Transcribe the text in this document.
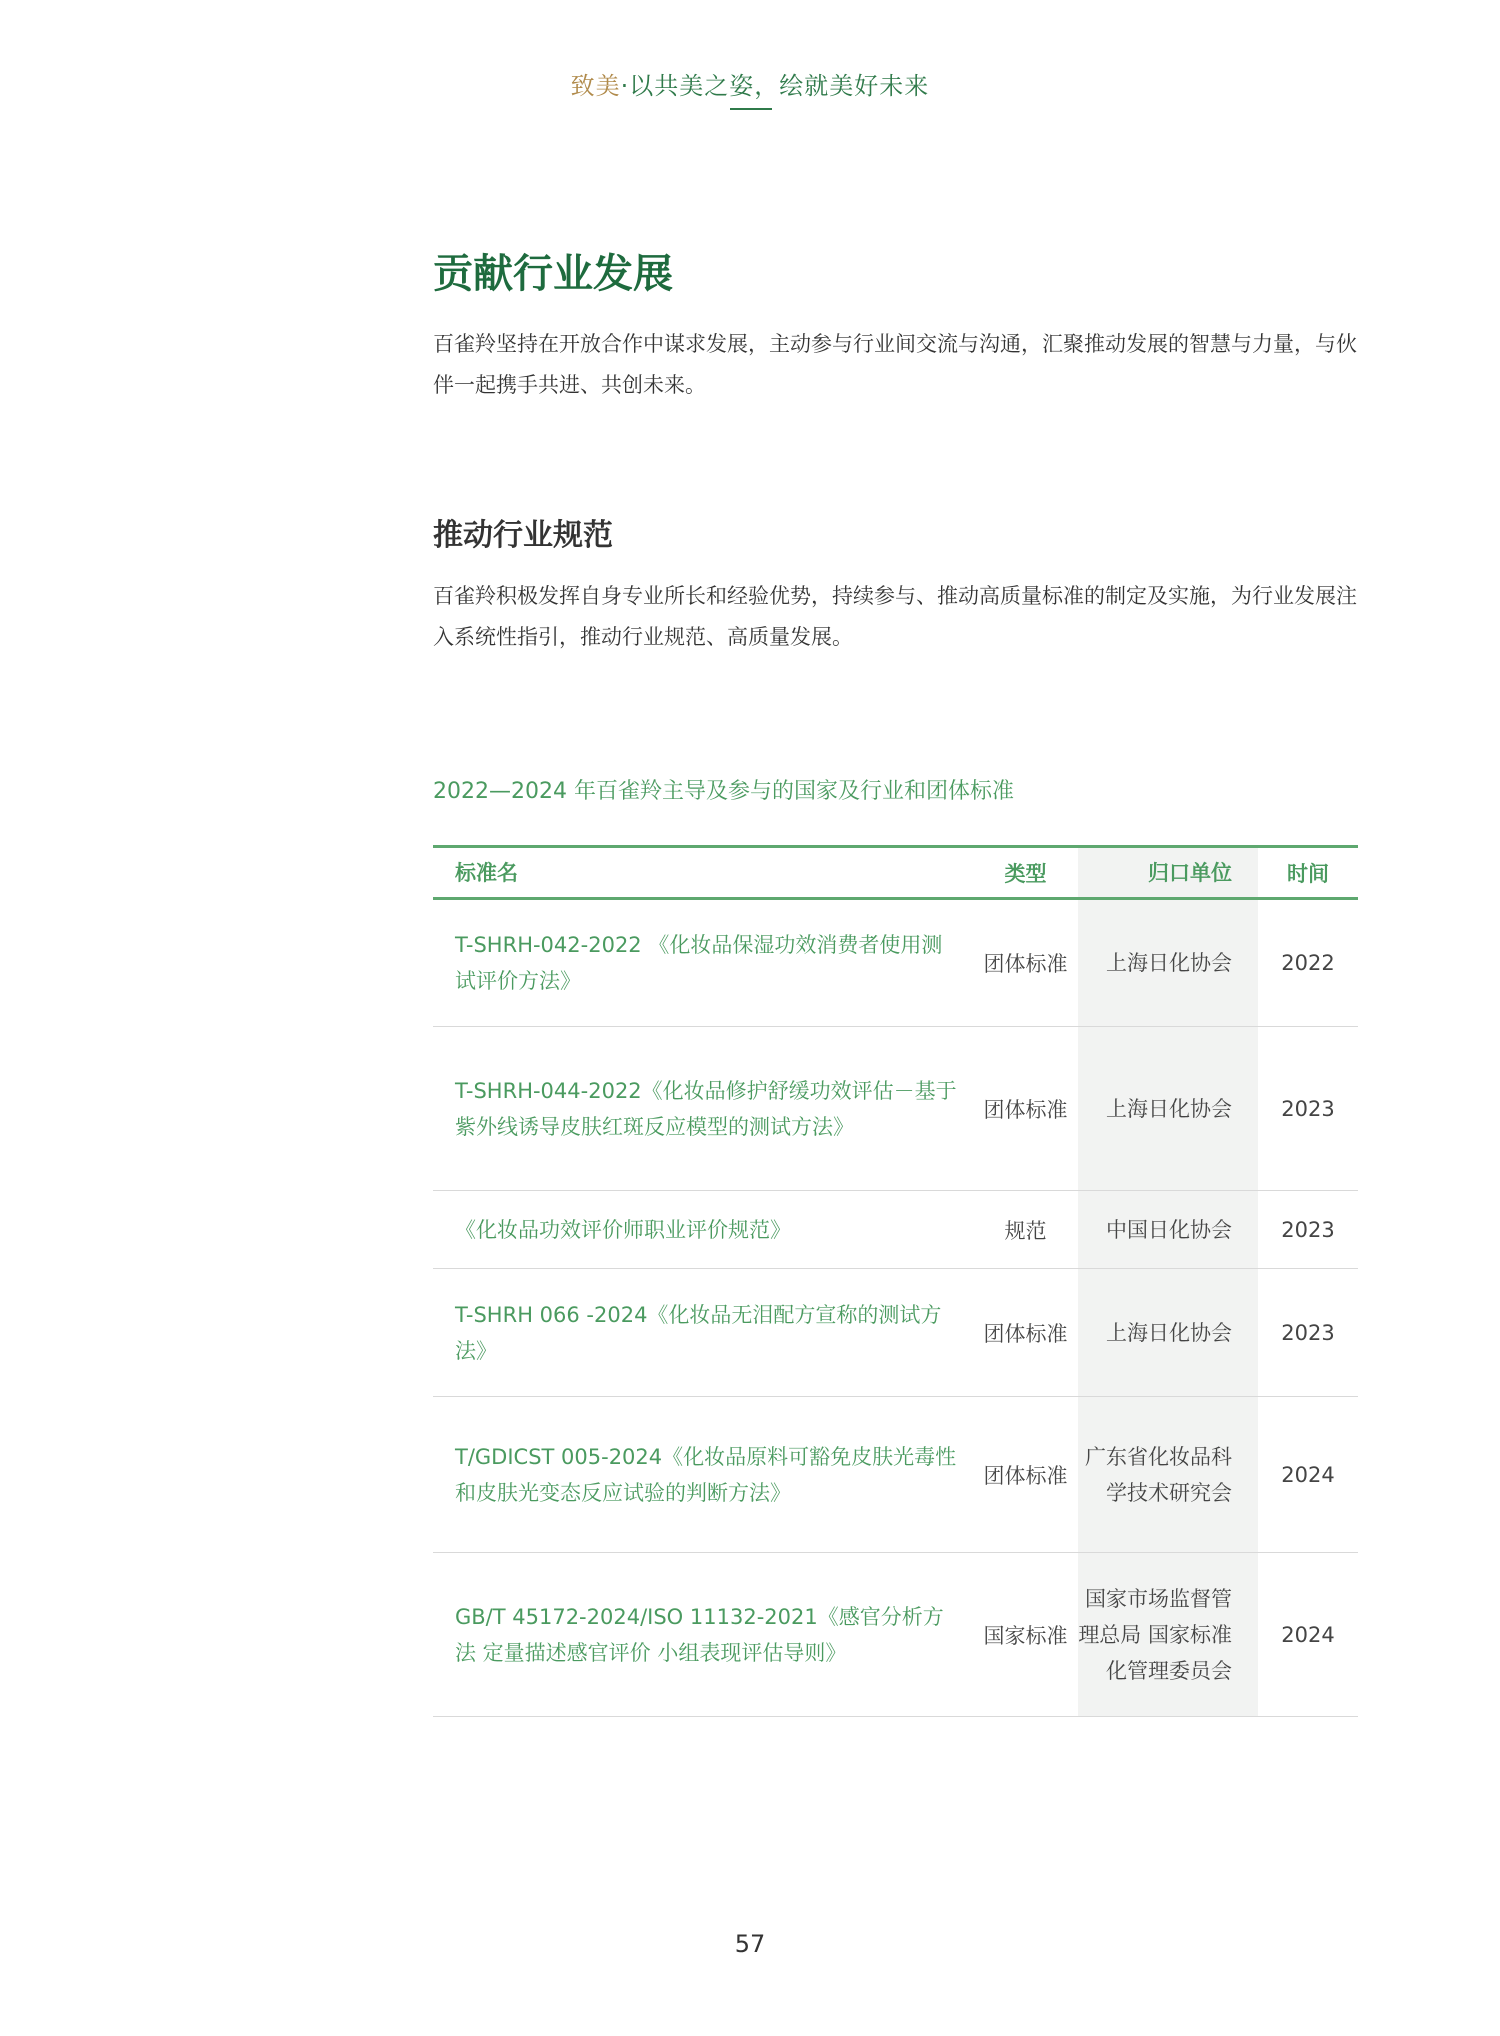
致美·以共美之姿，绘就美好未来
贡献行业发展

百雀羚坚持在开放合作中谋求发展，主动参与行业间交流与沟通，汇聚推动发展的智慧与力量，与伙伴一起携手共进、共创未来。

推动行业规范

百雀羚积极发挥自身专业所长和经验优势，持续参与、推动高质量标准的制定及实施，为行业发展注入系统性指引，推动行业规范、高质量发展。

2022—2024 年百雀羚主导及参与的国家及行业和团体标准

标准名	类型	归口单位	时间
T-SHRH-042-2022 《化妆品保湿功效消费者使用测试评价方法》	团体标准	上海日化协会	2022
T-SHRH-044-2022《化妆品修护舒缓功效评估－基于紫外线诱导皮肤红斑反应模型的测试方法》	团体标准	上海日化协会	2023
《化妆品功效评价师职业评价规范》	规范	中国日化协会	2023
T-SHRH 066 -2024《化妆品无泪配方宣称的测试方法》	团体标准	上海日化协会	2023
T/GDICST 005-2024《化妆品原料可豁免皮肤光毒性和皮肤光变态反应试验的判断方法》	团体标准	广东省化妆品科学技术研究会	2024
GB/T 45172-2024/ISO 11132-2021《感官分析方法 定量描述感官评价 小组表现评估导则》	国家标准	国家市场监督管理总局 国家标准化管理委员会	2024
57
